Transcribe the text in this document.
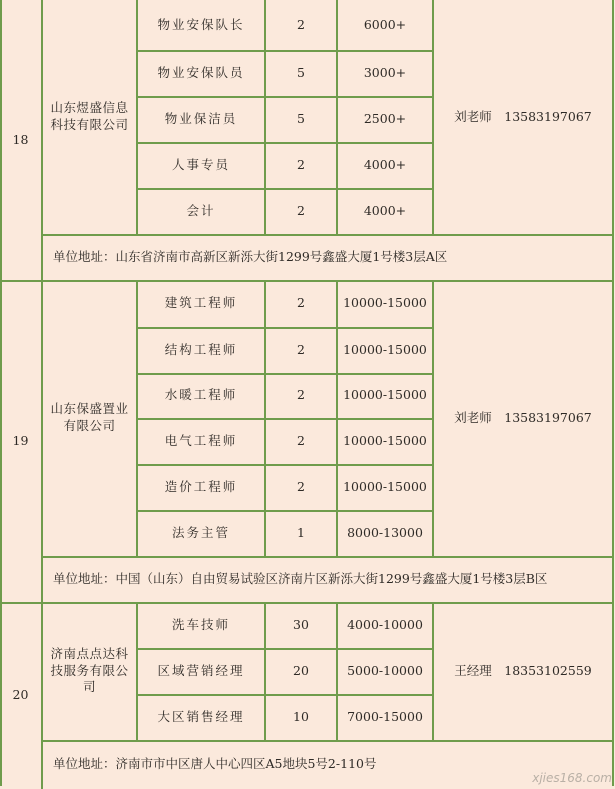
18
山东煜盛信息科技有限公司
刘老师　13583197067
单位地址：山东省济南市高新区新泺大街1299号鑫盛大厦1号楼3层A区
物业安保队长	2	6000+
物业安保队员	5	3000+
物业保洁员	5	2500+
人事专员	2	4000+
会计	2	4000+
19
山东保盛置业有限公司
刘老师　13583197067
单位地址：中国（山东）自由贸易试验区济南片区新泺大街1299号鑫盛大厦1号楼3层B区
建筑工程师	2	10000-15000
结构工程师	2	10000-15000
水暖工程师	2	10000-15000
电气工程师	2	10000-15000
造价工程师	2	10000-15000
法务主管	1	8000-13000
20
济南点点达科技服务有限公司
王经理　18353102559
单位地址：济南市市中区唐人中心四区A5地块5号2-110号
洗车技师	30	4000-10000
区域营销经理	20	5000-10000
大区销售经理	10	7000-15000
xjies168.com
